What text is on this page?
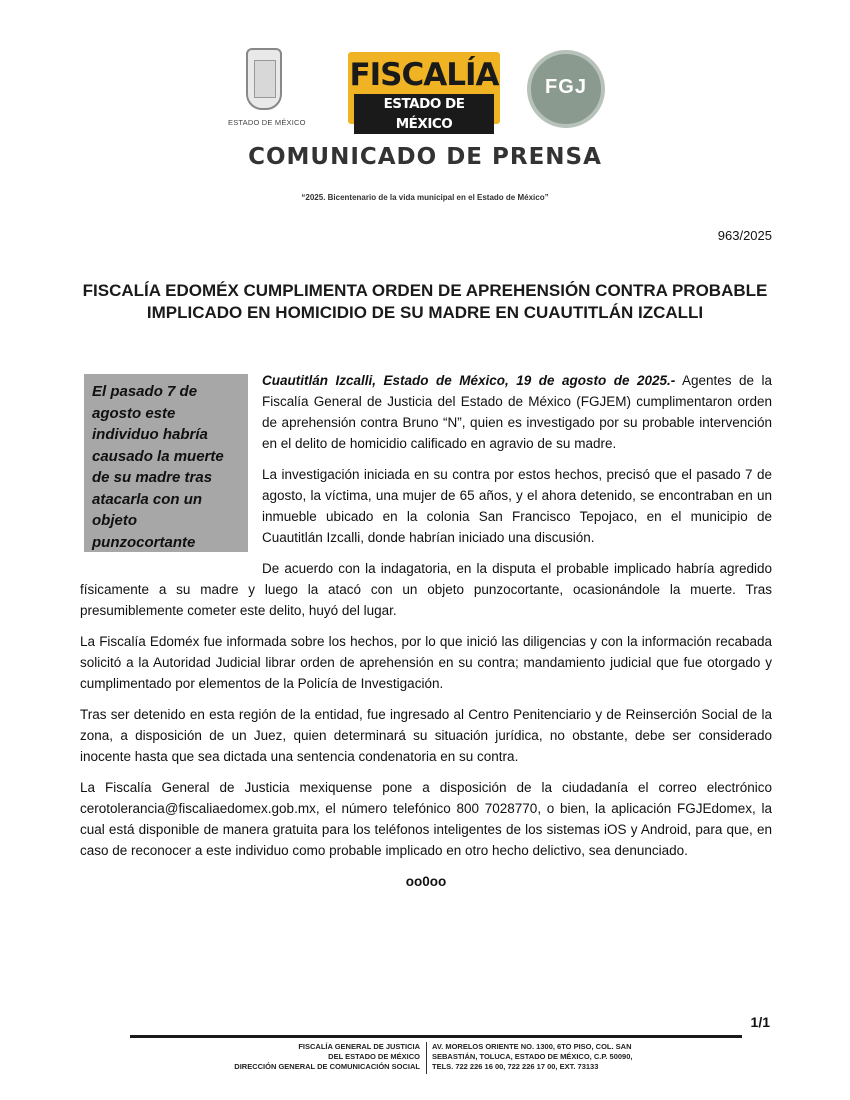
ESTADO DE MÉXICO
FISCALÍA
ESTADO DE MÉXICO
FGJ
COMUNICADO DE PRENSA
“2025. Bicentenario de la vida municipal en el Estado de México”
963/2025
FISCALÍA EDOMÉX CUMPLIMENTA ORDEN DE APREHENSIÓN CONTRA PROBABLE IMPLICADO EN HOMICIDIO DE SU MADRE EN CUAUTITLÁN IZCALLI
El pasado 7 de agosto este individuo habría causado la muerte de su madre tras atacarla con un objeto punzocortante

Cuautitlán Izcalli, Estado de México, 19 de agosto de 2025.- Agentes de la Fiscalía General de Justicia del Estado de México (FGJEM) cumplimentaron orden de aprehensión contra Bruno “N”, quien es investigado por su probable intervención en el delito de homicidio calificado en agravio de su madre.

La investigación iniciada en su contra por estos hechos, precisó que el pasado 7 de agosto, la víctima, una mujer de 65 años, y el ahora detenido, se encontraban en un inmueble ubicado en la colonia San Francisco Tepojaco, en el municipio de Cuautitlán Izcalli, donde habrían iniciado una discusión.

De acuerdo con la indagatoria, en la disputa el probable implicado habría agredido físicamente a su madre y luego la atacó con un objeto punzocortante, ocasionándole la muerte. Tras presumiblemente cometer este delito, huyó del lugar.

La Fiscalía Edoméx fue informada sobre los hechos, por lo que inició las diligencias y con la información recabada solicitó a la Autoridad Judicial librar orden de aprehensión en su contra; mandamiento judicial que fue otorgado y cumplimentado por elementos de la Policía de Investigación.

Tras ser detenido en esta región de la entidad, fue ingresado al Centro Penitenciario y de Reinserción Social de la zona, a disposición de un Juez, quien determinará su situación jurídica, no obstante, debe ser considerado inocente hasta que sea dictada una sentencia condenatoria en su contra.

La Fiscalía General de Justicia mexiquense pone a disposición de la ciudadanía el correo electrónico cerotolerancia@fiscaliaedomex.gob.mx, el número telefónico 800 7028770, o bien, la aplicación FGJEdomex, la cual está disponible de manera gratuita para los teléfonos inteligentes de los sistemas iOS y Android, para que, en caso de reconocer a este individuo como probable implicado en otro hecho delictivo, sea denunciado.

oo0oo
1/1
FISCALÍA GENERAL DE JUSTICIA
DEL ESTADO DE MÉXICO
DIRECCIÓN GENERAL DE COMUNICACIÓN SOCIAL
AV. MORELOS ORIENTE NO. 1300, 6TO PISO, COL. SAN
SEBASTIÁN, TOLUCA, ESTADO DE MÉXICO, C.P. 50090,
TELS. 722 226 16 00, 722 226 17 00, EXT. 73133
